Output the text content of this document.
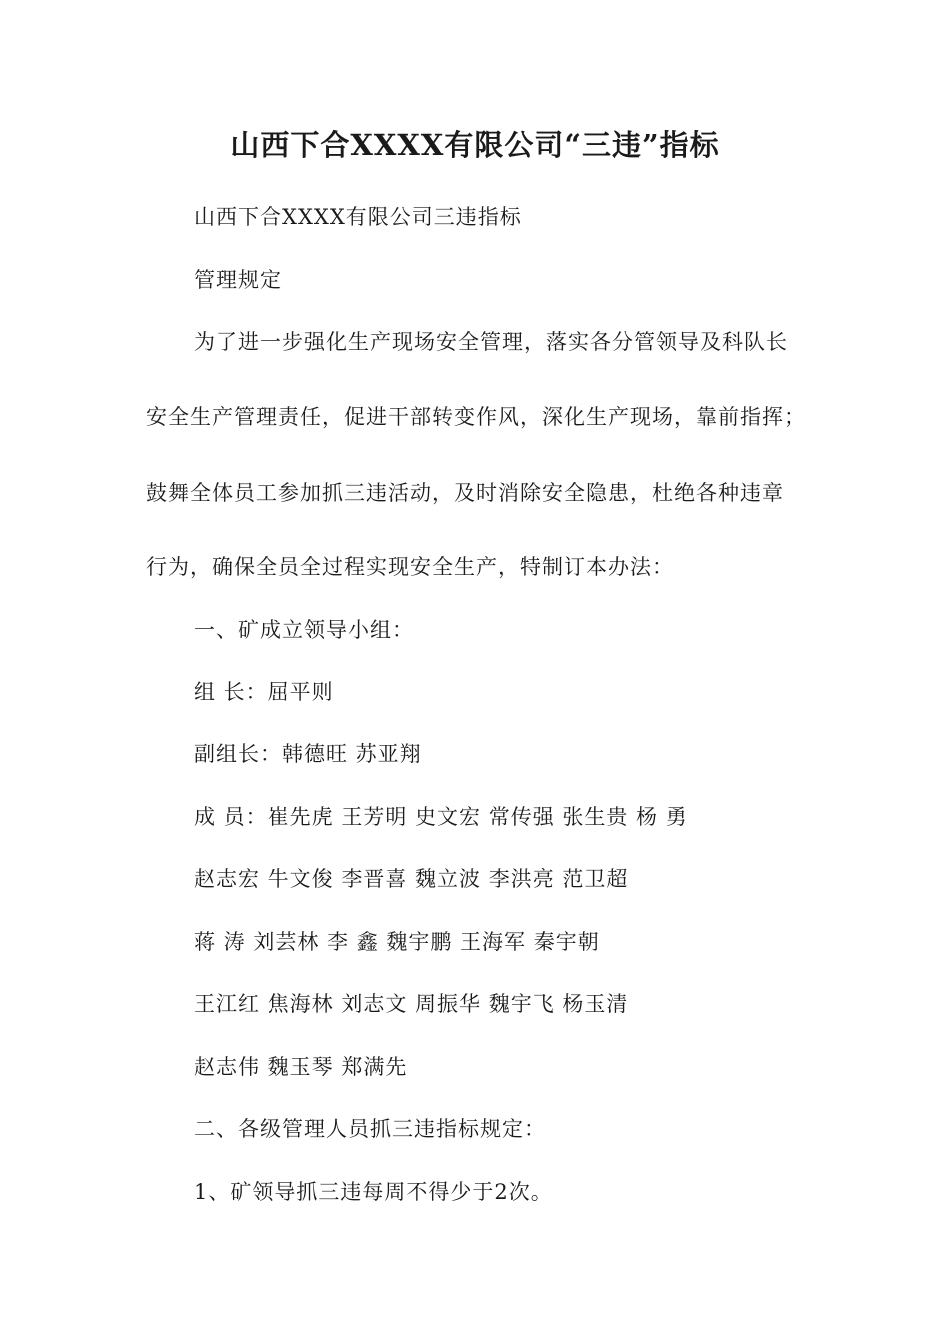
山西下合XXXX有限公司“三违”指标
山西下合XXXX有限公司三违指标
管理规定
为了进一步强化生产现场安全管理，落实各分管领导及科队长
安全生产管理责任，促进干部转变作风，深化生产现场，靠前指挥；
鼓舞全体员工参加抓三违活动，及时消除安全隐患，杜绝各种违章
行为，确保全员全过程实现安全生产，特制订本办法：
一、矿成立领导小组：
组 长：屈平则
副组长：韩德旺 苏亚翔
成 员：崔先虎 王芳明 史文宏 常传强 张生贵 杨 勇
赵志宏 牛文俊 李晋喜 魏立波 李洪亮 范卫超
蒋 涛 刘芸林 李 鑫 魏宇鹏 王海军 秦宇朝
王江红 焦海林 刘志文 周振华 魏宇飞 杨玉清
赵志伟 魏玉琴 郑满先
二、各级管理人员抓三违指标规定：
1、矿领导抓三违每周不得少于2次。
